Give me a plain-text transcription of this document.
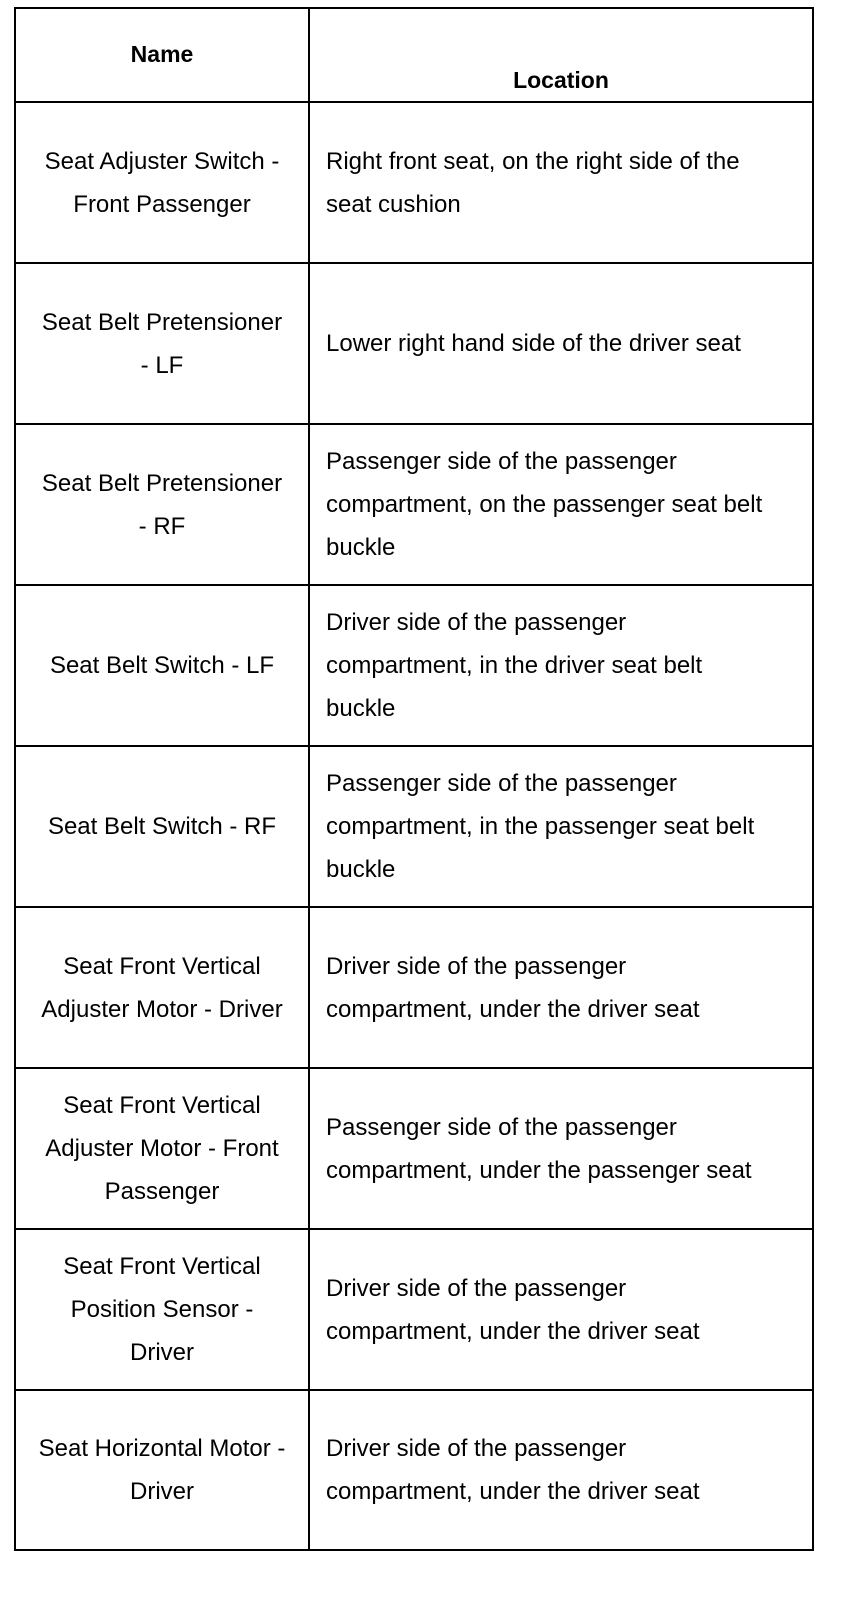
Name	Location

Seat Adjuster Switch - Front Passenger	Right front seat, on the right side of the seat cushion
Seat Belt Pretensioner - LF	Lower right hand side of the driver seat
Seat Belt Pretensioner - RF	Passenger side of the passenger compartment, on the passenger seat belt buckle
Seat Belt Switch - LF	Driver side of the passenger compartment, in the driver seat belt buckle
Seat Belt Switch - RF	Passenger side of the passenger compartment, in the passenger seat belt buckle
Seat Front Vertical Adjuster Motor - Driver	Driver side of the passenger compartment, under the driver seat
Seat Front Vertical Adjuster Motor - Front Passenger	Passenger side of the passenger compartment, under the passenger seat
Seat Front Vertical Position Sensor - Driver	Driver side of the passenger compartment, under the driver seat
Seat Horizontal Motor - Driver	Driver side of the passenger compartment, under the driver seat
